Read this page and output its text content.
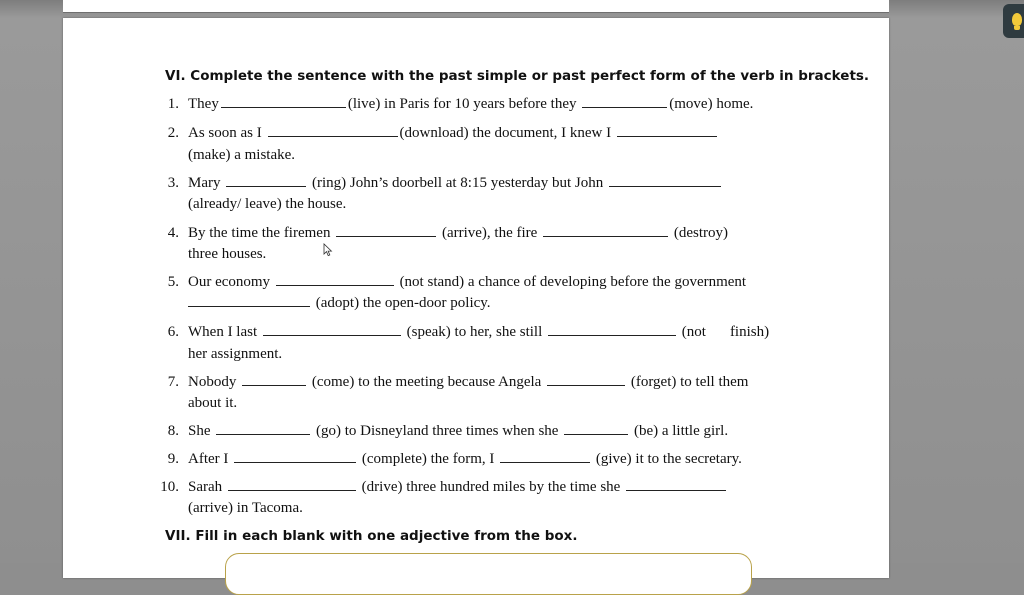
VI. Complete the sentence with the past simple or past perfect form of the verb in brackets.
1. They	(live) in Paris for 10 years before they	(move) home.
2. As soon as I	(download) the document, I knew I
(make) a mistake.
3. Mary	(ring) John’s doorbell at 8:15 yesterday but John
(already/ leave) the house.
4. By the time the firemen	(arrive), the fire	(destroy)
three houses.
5. Our economy	(not stand) a chance of developing before the government
(adopt) the open-door policy.
6. When I last	(speak) to her, she still	(not finish)
her assignment.
7. Nobody	(come) to the meeting because Angela	(forget) to tell them
about it.
8. She	(go) to Disneyland three times when she	(be) a little girl.
9. After I	(complete) the form, I	(give) it to the secretary.
10. Sarah	(drive) three hundred miles by the time she
(arrive) in Tacoma.
VII. Fill in each blank with one adjective from the box.
